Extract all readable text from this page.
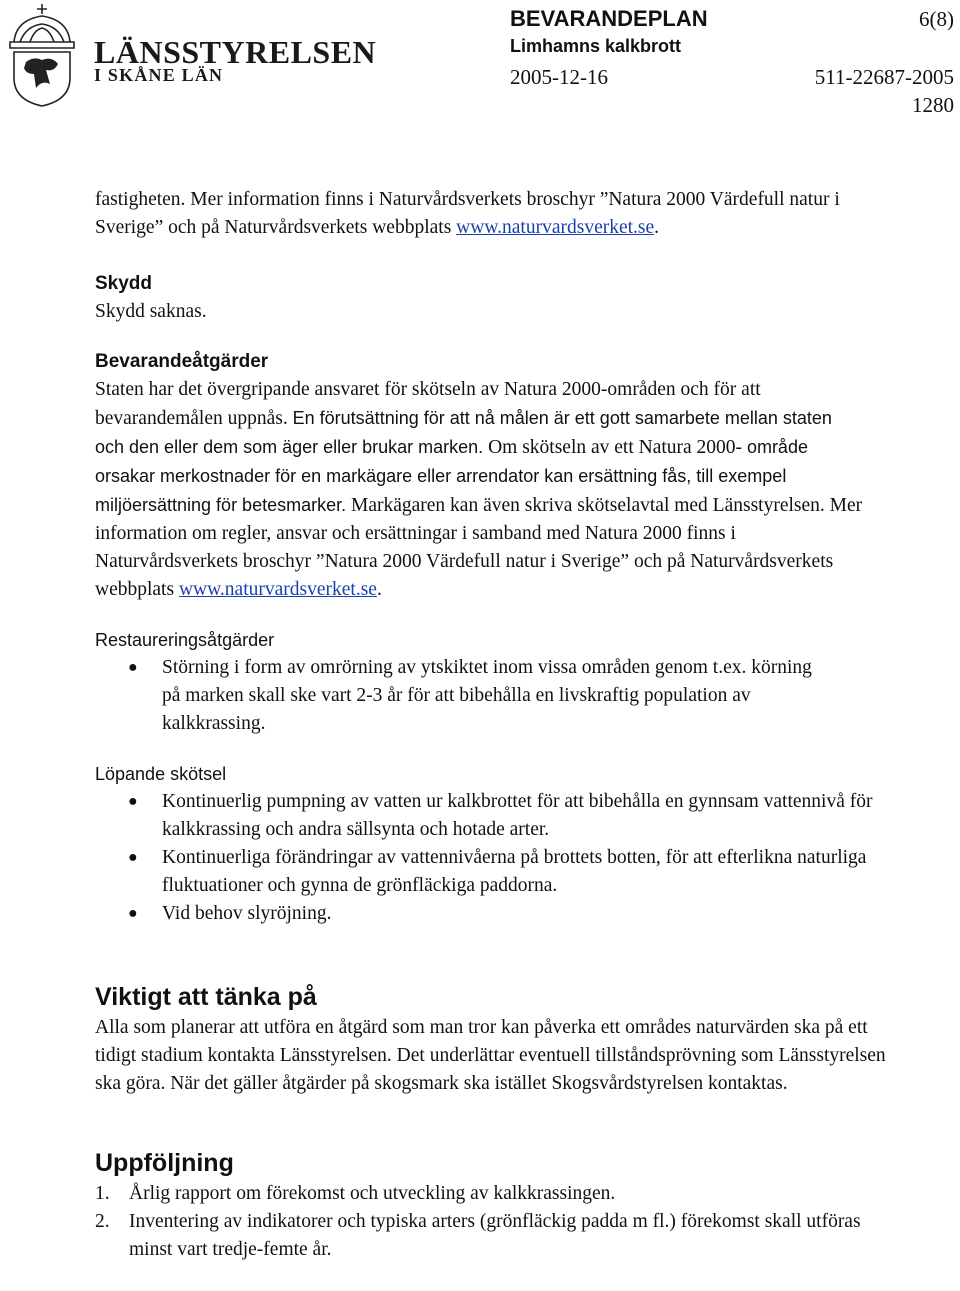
LÄNSSTYRELSEN
I SKÅNE LÄN
BEVARANDEPLAN	6(8)
Limhamns kalkbrott
2005-12-16	511-22687-2005
1280

fastigheten. Mer information finns i Naturvårdsverkets broschyr ”Natura 2000 Värdefull natur i Sverige” och på Naturvårdsverkets webbplats www.naturvardsverket.se.

Skydd

Skydd saknas.

Bevarandeåtgärder

Staten har det övergripande ansvaret för skötseln av Natura 2000-områden och för att bevarandemålen uppnås. En förutsättning för att nå målen är ett gott samarbete mellan staten och den eller dem som äger eller brukar marken. Om skötseln av ett Natura 2000- område orsakar merkostnader för en markägare eller arrendator kan ersättning fås, till exempel miljöersättning för betesmarker. Markägaren kan även skriva skötselavtal med Länsstyrelsen. Mer information om regler, ansvar och ersättningar i samband med Natura 2000 finns i Naturvårdsverkets broschyr ”Natura 2000 Värdefull natur i Sverige” och på Naturvårdsverkets webbplats www.naturvardsverket.se.

Restaureringsåtgärder
● Störning i form av omrörning av ytskiktet inom vissa områden genom t.ex. körning på marken skall ske vart 2-3 år för att bibehålla en livskraftig population av kalkkrassing.
Löpande skötsel
● Kontinuerlig pumpning av vatten ur kalkbrottet för att bibehålla en gynnsam vattennivå för kalkkrassing och andra sällsynta och hotade arter.
● Kontinuerliga förändringar av vattennivåerna på brottets botten, för att efterlikna naturliga fluktuationer och gynna de grönfläckiga paddorna.
● Vid behov slyröjning.
Viktigt att tänka på

Alla som planerar att utföra en åtgärd som man tror kan påverka ett områdes naturvärden ska på ett tidigt stadium kontakta Länsstyrelsen. Det underlättar eventuell tillståndsprövning som Länsstyrelsen ska göra. När det gäller åtgärder på skogsmark ska istället Skogsvårdstyrelsen kontaktas.

Uppföljning
1. Årlig rapport om förekomst och utveckling av kalkkrassingen.
2. Inventering av indikatorer och typiska arters (grönfläckig padda m fl.) förekomst skall utföras minst vart tredje-femte år.
